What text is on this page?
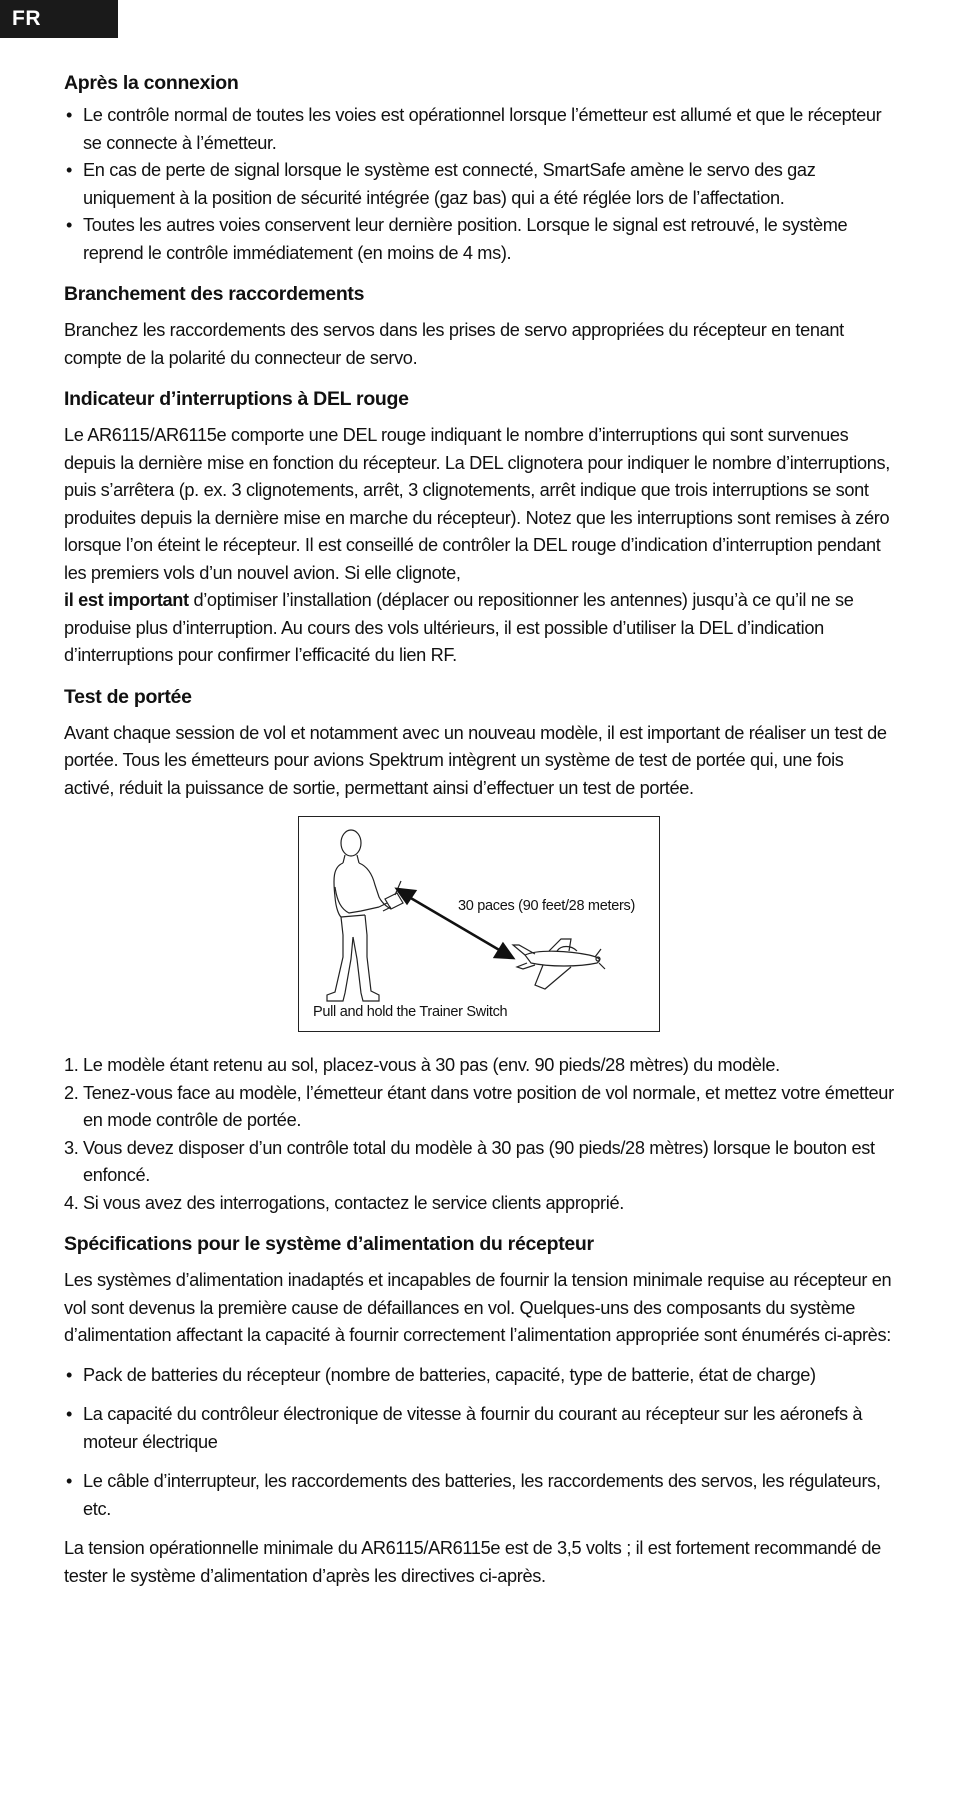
FR
Après la connexion
• Le contrôle normal de toutes les voies est opérationnel lorsque l’émetteur est allumé et que le récepteur se connecte à l’émetteur.
• En cas de perte de signal lorsque le système est connecté, SmartSafe amène le servo des gaz uniquement à la position de sécurité intégrée (gaz bas) qui a été réglée lors de l’affectation.
• Toutes les autres voies conservent leur dernière position. Lorsque le signal est retrouvé, le système reprend le contrôle immédiatement (en moins de 4 ms).
Branchement des raccordements

Branchez les raccordements des servos dans les prises de servo appropriées du récepteur en tenant compte de la polarité du connecteur de servo.

Indicateur d’interruptions à DEL rouge

Le AR6115/AR6115e comporte une DEL rouge indiquant le nombre d’interruptions qui sont survenues depuis la dernière mise en fonction du récepteur. La DEL clignotera pour indiquer le nombre d’interruptions, puis s’arrêtera (p. ex. 3 clignotements, arrêt, 3 clignotements, arrêt indique que trois interruptions se sont produites depuis la dernière mise en marche du récepteur). Notez que les interruptions sont remises à zéro lorsque l’on éteint le récepteur. Il est conseillé de contrôler la DEL rouge d’indication d’interruption pendant les premiers vols d’un nouvel avion. Si elle clignote,
il est important d’optimiser l’installation (déplacer ou repositionner les antennes) jusqu’à ce qu’il ne se produise plus d’interruption. Au cours des vols ultérieurs, il est possible d’utiliser la DEL d’indication d’interruptions pour confirmer l’efficacité du lien RF.

Test de portée

Avant chaque session de vol et notamment avec un nouveau modèle, il est important de réaliser un test de portée. Tous les émetteurs pour avions Spektrum intègrent un système de test de portée qui, une fois activé, réduit la puissance de sortie, permettant ainsi d’effectuer un test de portée.

30 paces (90 feet/28 meters)
Pull and hold the Trainer Switch
1. Le modèle étant retenu au sol, placez-vous à 30 pas (env. 90 pieds/28 mètres) du modèle.
2. Tenez-vous face au modèle, l’émetteur étant dans votre position de vol normale, et mettez votre émetteur en mode contrôle de portée.
3. Vous devez disposer d’un contrôle total du modèle à 30 pas (90 pieds/28 mètres) lorsque le bouton est enfoncé.
4. Si vous avez des interrogations, contactez le service clients approprié.
Spécifications pour le système d’alimentation du récepteur

Les systèmes d’alimentation inadaptés et incapables de fournir la tension minimale requise au récepteur en vol sont devenus la première cause de défaillances en vol. Quelques-uns des composants du système d’alimentation affectant la capacité à fournir correctement l’alimentation appropriée sont énumérés ci-après:

• Pack de batteries du récepteur (nombre de batteries, capacité, type de batterie, état de charge)
• La capacité du contrôleur électronique de vitesse à fournir du courant au récepteur sur les aéronefs à moteur électrique
• Le câble d’interrupteur, les raccordements des batteries, les raccordements des servos, les régulateurs, etc.

La tension opérationnelle minimale du AR6115/AR6115e est de 3,5 volts ; il est fortement recommandé de tester le système d’alimentation d’après les directives ci-après.
